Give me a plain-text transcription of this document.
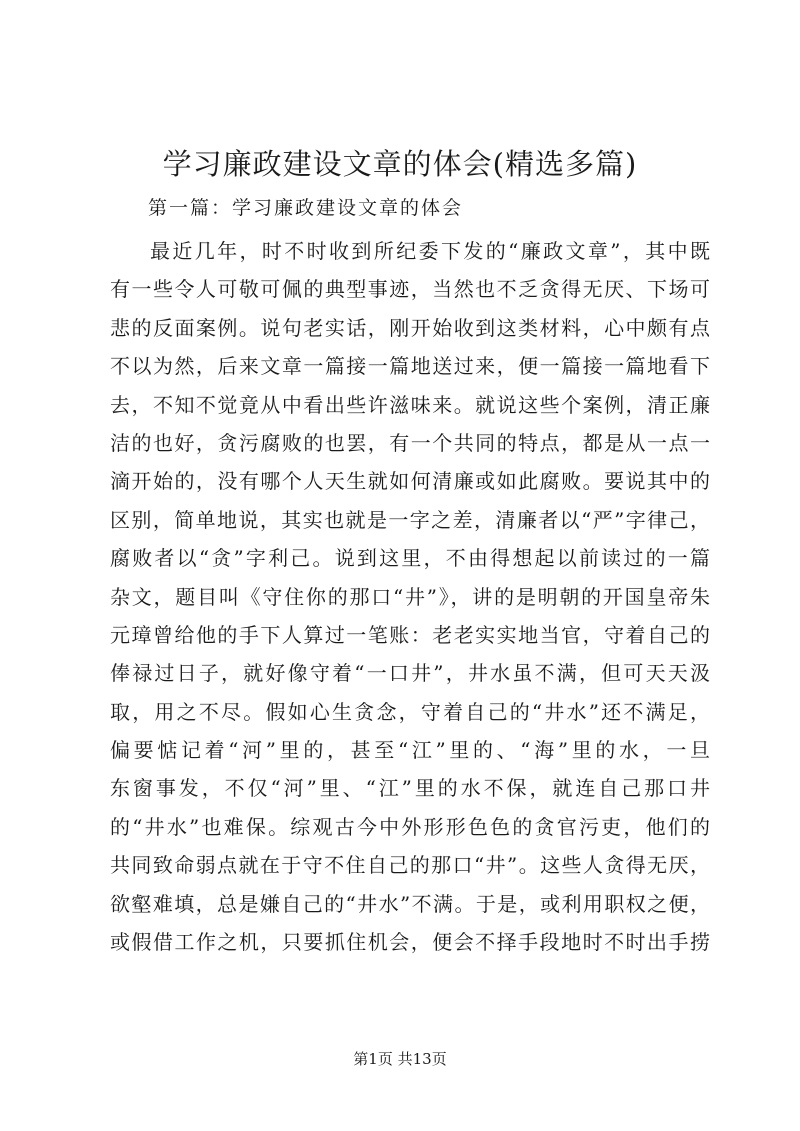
学习廉政建设文章的体会(精选多篇)
第一篇：学习廉政建设文章的体会
最近几年，时不时收到所纪委下发的“廉政文章”，其中既
有一些令人可敬可佩的典型事迹，当然也不乏贪得无厌、下场可
悲的反面案例。说句老实话，刚开始收到这类材料，心中颇有点
不以为然，后来文章一篇接一篇地送过来，便一篇接一篇地看下
去，不知不觉竟从中看出些许滋味来。就说这些个案例，清正廉
洁的也好，贪污腐败的也罢，有一个共同的特点，都是从一点一
滴开始的，没有哪个人天生就如何清廉或如此腐败。要说其中的
区别，简单地说，其实也就是一字之差，清廉者以“严”字律己，
腐败者以“贪”字利己。说到这里，不由得想起以前读过的一篇
杂文，题目叫《守住你的那口“井”》，讲的是明朝的开国皇帝朱
元璋曾给他的手下人算过一笔账：老老实实地当官，守着自己的
俸禄过日子，就好像守着“一口井”，井水虽不满，但可天天汲
取，用之不尽。假如心生贪念，守着自己的“井水”还不满足，
偏要惦记着“河”里的，甚至“江”里的、“海”里的水，一旦
东窗事发，不仅“河”里、“江”里的水不保，就连自己那口井
的“井水”也难保。综观古今中外形形色色的贪官污吏，他们的
共同致命弱点就在于守不住自己的那口“井”。这些人贪得无厌，
欲壑难填，总是嫌自己的“井水”不满。于是，或利用职权之便，
或假借工作之机，只要抓住机会，便会不择手段地时不时出手捞
第1页 共13页
